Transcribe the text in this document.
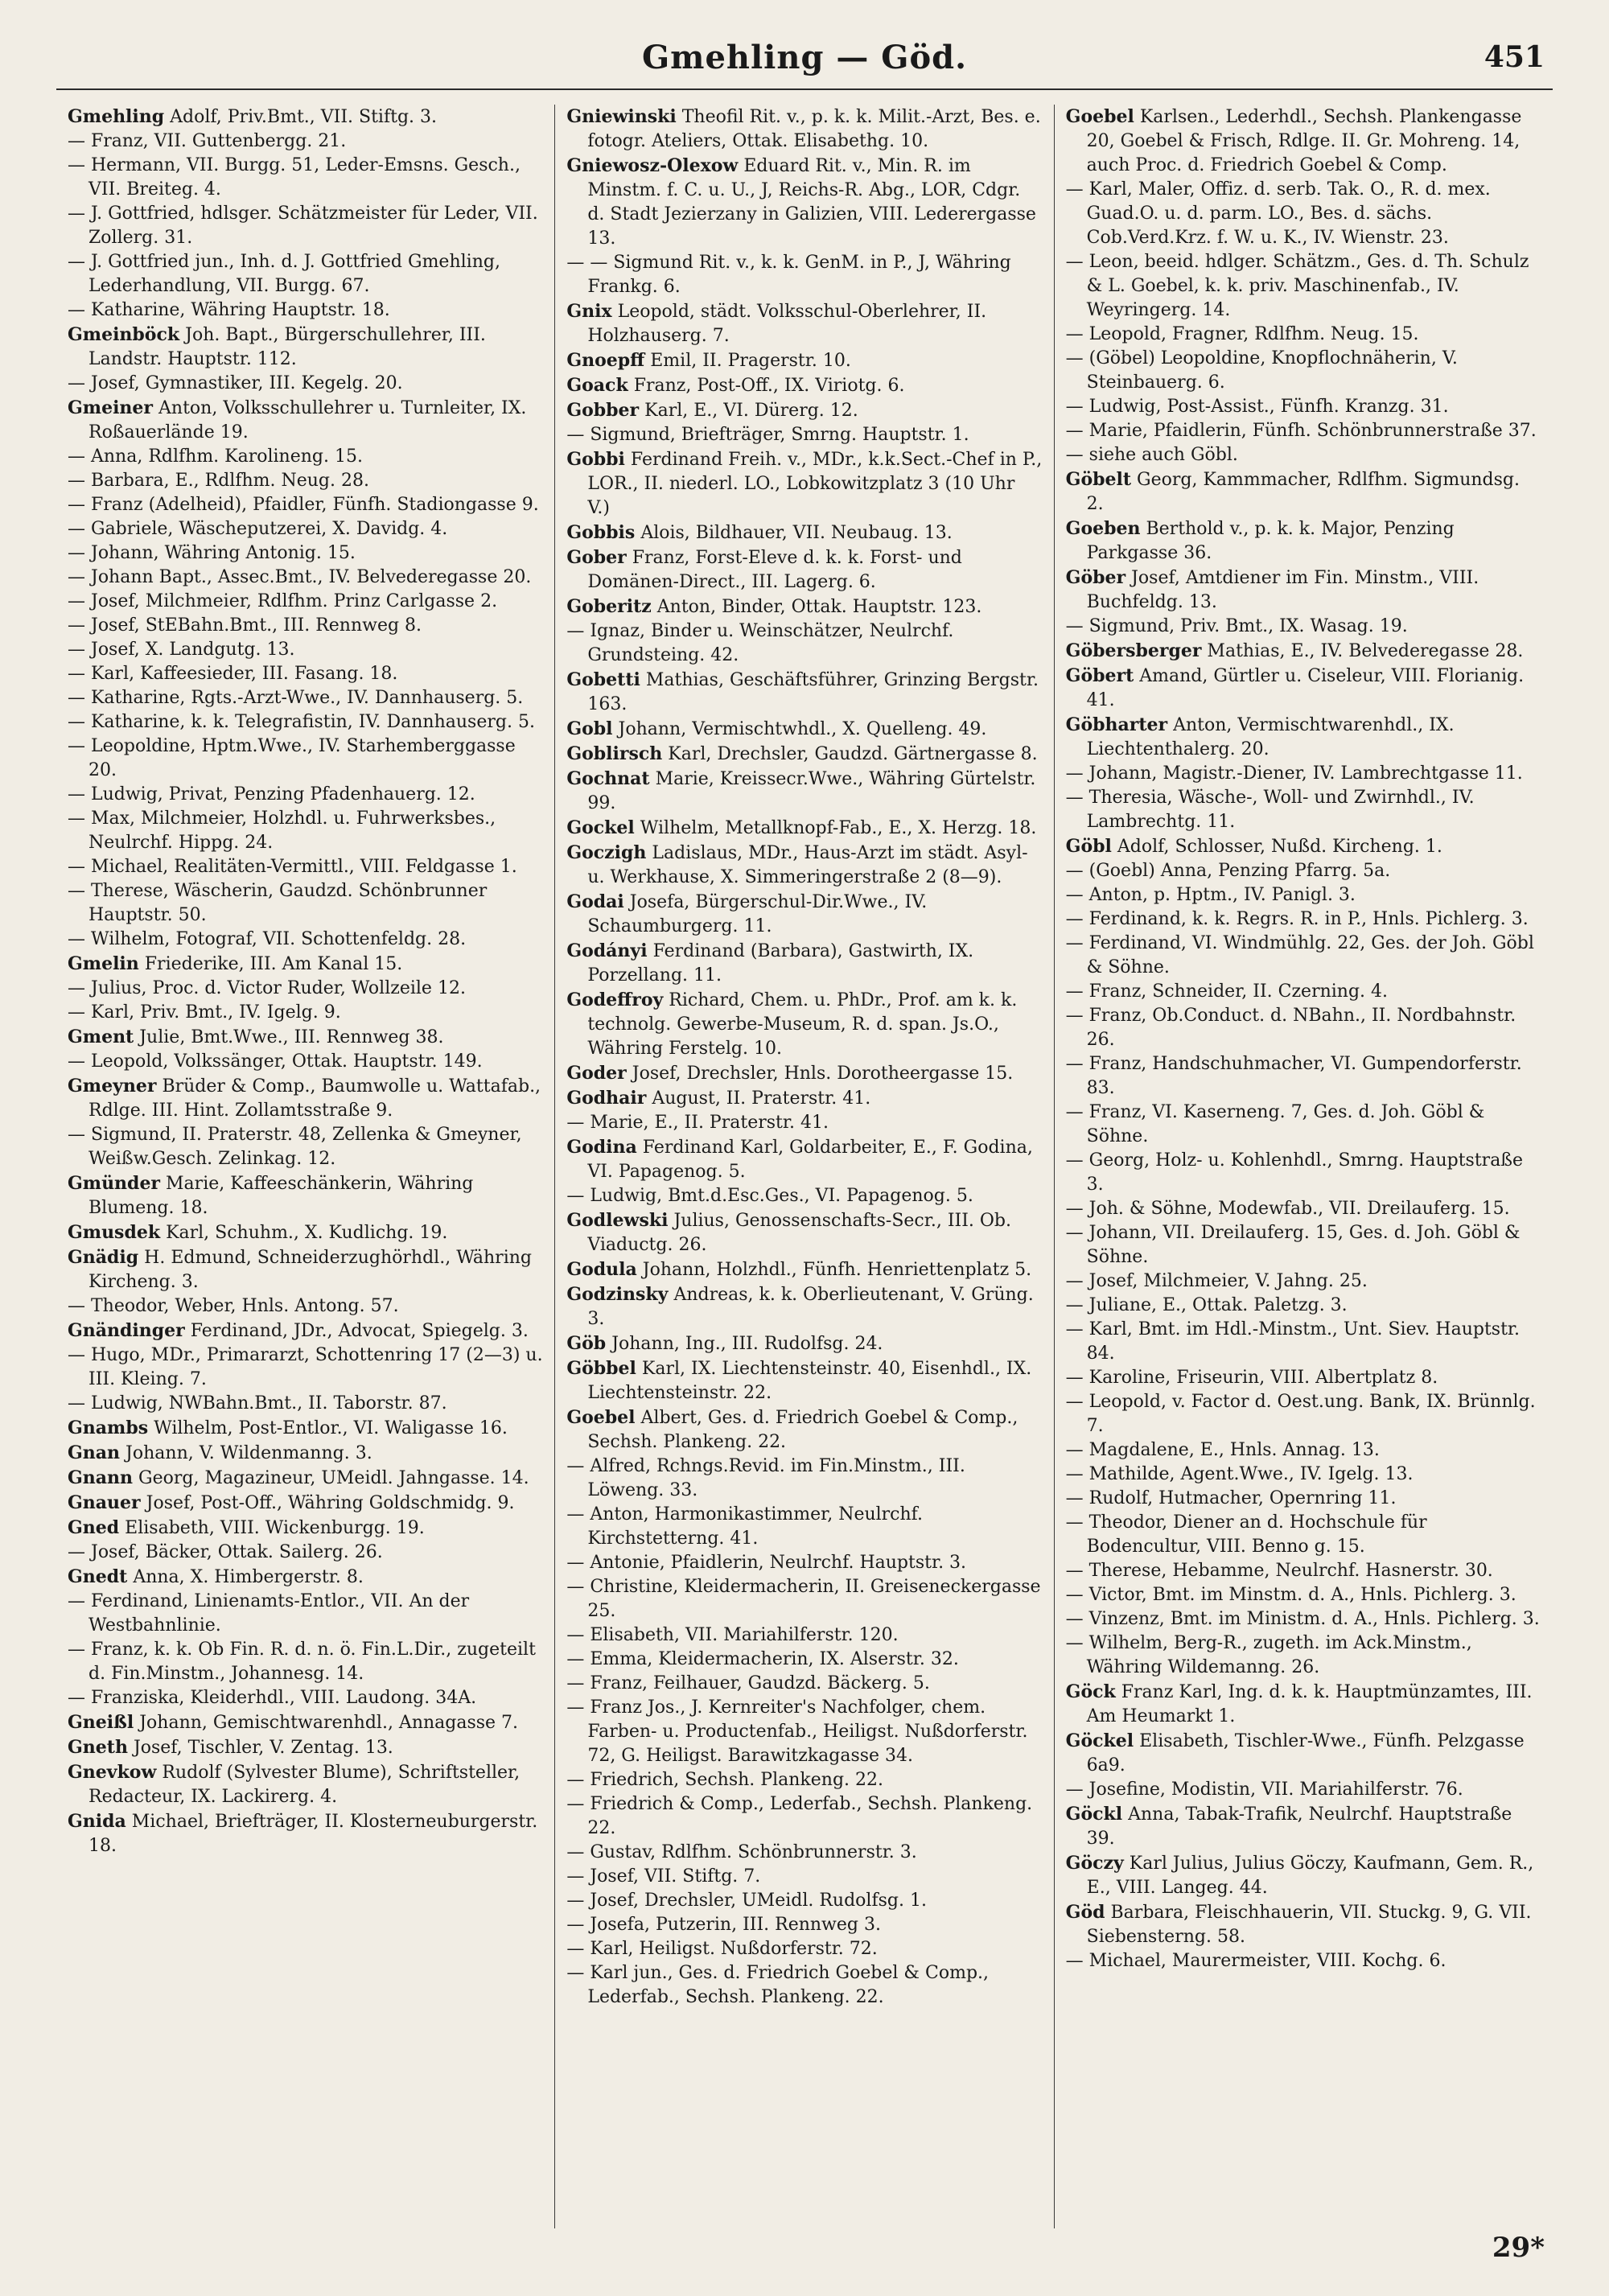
Gmehling — Göd.	451

Gmehling Adolf, Priv.Bmt., VII. Stiftg. 3.

— Franz, VII. Guttenbergg. 21.

— Hermann, VII. Burgg. 51, Leder-Emsns. Gesch., VII. Breiteg. 4.

— J. Gottfried, hdlsger. Schätzmeister für Leder, VII. Zollerg. 31.

— J. Gottfried jun., Inh. d. J. Gottfried Gmehling, Lederhandlung, VII. Burgg. 67.

— Katharine, Währing Hauptstr. 18.

Gmeinböck Joh. Bapt., Bürgerschullehrer, III. Landstr. Hauptstr. 112.

— Josef, Gymnastiker, III. Kegelg. 20.

Gmeiner Anton, Volksschullehrer u. Turnleiter, IX. Roßauerlände 19.

— Anna, Rdlfhm. Karolineng. 15.

— Barbara, E., Rdlfhm. Neug. 28.

— Franz (Adelheid), Pfaidler, Fünfh. Stadiongasse 9.

— Gabriele, Wäscheputzerei, X. Davidg. 4.

— Johann, Währing Antonig. 15.

— Johann Bapt., Assec.Bmt., IV. Belvederegasse 20.

— Josef, Milchmeier, Rdlfhm. Prinz Carlgasse 2.

— Josef, StEBahn.Bmt., III. Rennweg 8.

— Josef, X. Landgutg. 13.

— Karl, Kaffeesieder, III. Fasang. 18.

— Katharine, Rgts.-Arzt-Wwe., IV. Dannhauserg. 5.

— Katharine, k. k. Telegrafistin, IV. Dannhauserg. 5.

— Leopoldine, Hptm.Wwe., IV. Starhemberggasse 20.

— Ludwig, Privat, Penzing Pfadenhauerg. 12.

— Max, Milchmeier, Holzhdl. u. Fuhrwerksbes., Neulrchf. Hippg. 24.

— Michael, Realitäten-Vermittl., VIII. Feldgasse 1.

— Therese, Wäscherin, Gaudzd. Schönbrunner Hauptstr. 50.

— Wilhelm, Fotograf, VII. Schottenfeldg. 28.

Gmelin Friederike, III. Am Kanal 15.

— Julius, Proc. d. Victor Ruder, Wollzeile 12.

— Karl, Priv. Bmt., IV. Igelg. 9.

Gment Julie, Bmt.Wwe., III. Rennweg 38.

— Leopold, Volkssänger, Ottak. Hauptstr. 149.

Gmeyner Brüder & Comp., Baumwolle u. Wattafab., Rdlge. III. Hint. Zollamtsstraße 9.

— Sigmund, II. Praterstr. 48, Zellenka & Gmeyner, Weißw.Gesch. Zelinkag. 12.

Gmünder Marie, Kaffeeschänkerin, Währing Blumeng. 18.

Gmusdek Karl, Schuhm., X. Kudlichg. 19.

Gnädig H. Edmund, Schneiderzughörhdl., Währing Kircheng. 3.

— Theodor, Weber, Hnls. Antong. 57.

Gnändinger Ferdinand, JDr., Advocat, Spiegelg. 3.

— Hugo, MDr., Primararzt, Schottenring 17 (2—3) u. III. Kleing. 7.

— Ludwig, NWBahn.Bmt., II. Taborstr. 87.

Gnambs Wilhelm, Post-Entlor., VI. Waligasse 16.

Gnan Johann, V. Wildenmanng. 3.

Gnann Georg, Magazineur, UMeidl. Jahngasse. 14.

Gnauer Josef, Post-Off., Währing Goldschmidg. 9.

Gned Elisabeth, VIII. Wickenburgg. 19.

— Josef, Bäcker, Ottak. Sailerg. 26.

Gnedt Anna, X. Himbergerstr. 8.

— Ferdinand, Linienamts-Entlor., VII. An der Westbahnlinie.

— Franz, k. k. Ob Fin. R. d. n. ö. Fin.L.Dir., zugeteilt d. Fin.Minstm., Johannesg. 14.

— Franziska, Kleiderhdl., VIII. Laudong. 34A.

Gneißl Johann, Gemischtwarenhdl., Annagasse 7.

Gneth Josef, Tischler, V. Zentag. 13.

Gnevkow Rudolf (Sylvester Blume), Schriftsteller, Redacteur, IX. Lackirerg. 4.

Gnida Michael, Briefträger, II. Klosterneuburgerstr. 18.

Gniewinski Theofil Rit. v., p. k. k. Milit.-Arzt, Bes. e. fotogr. Ateliers, Ottak. Elisabethg. 10.

Gniewosz-Olexow Eduard Rit. v., Min. R. im Minstm. f. C. u. U., J, Reichs-R. Abg., LOR, Cdgr. d. Stadt Jezierzany in Galizien, VIII. Lederergasse 13.

— — Sigmund Rit. v., k. k. GenM. in P., J, Währing Frankg. 6.

Gnix Leopold, städt. Volksschul-Oberlehrer, II. Holzhauserg. 7.

Gnoepff Emil, II. Pragerstr. 10.

Goack Franz, Post-Off., IX. Viriotg. 6.

Gobber Karl, E., VI. Dürerg. 12.

— Sigmund, Briefträger, Smrng. Hauptstr. 1.

Gobbi Ferdinand Freih. v., MDr., k.k.Sect.-Chef in P., LOR., II. niederl. LO., Lobkowitzplatz 3 (10 Uhr V.)

Gobbis Alois, Bildhauer, VII. Neubaug. 13.

Gober Franz, Forst-Eleve d. k. k. Forst- und Domänen-Direct., III. Lagerg. 6.

Goberitz Anton, Binder, Ottak. Hauptstr. 123.

— Ignaz, Binder u. Weinschätzer, Neulrchf. Grundsteing. 42.

Gobetti Mathias, Geschäftsführer, Grinzing Bergstr. 163.

Gobl Johann, Vermischtwhdl., X. Quelleng. 49.

Goblirsch Karl, Drechsler, Gaudzd. Gärtnergasse 8.

Gochnat Marie, Kreissecr.Wwe., Währing Gürtelstr. 99.

Gockel Wilhelm, Metallknopf-Fab., E., X. Herzg. 18.

Goczigh Ladislaus, MDr., Haus-Arzt im städt. Asyl- u. Werkhause, X. Simmeringerstraße 2 (8—9).

Godai Josefa, Bürgerschul-Dir.Wwe., IV. Schaumburgerg. 11.

Godányi Ferdinand (Barbara), Gastwirth, IX. Porzellang. 11.

Godeffroy Richard, Chem. u. PhDr., Prof. am k. k. technolg. Gewerbe-Museum, R. d. span. Js.O., Währing Ferstelg. 10.

Goder Josef, Drechsler, Hnls. Dorotheergasse 15.

Godhair August, II. Praterstr. 41.

— Marie, E., II. Praterstr. 41.

Godina Ferdinand Karl, Goldarbeiter, E., F. Godina, VI. Papagenog. 5.

— Ludwig, Bmt.d.Esc.Ges., VI. Papagenog. 5.

Godlewski Julius, Genossenschafts-Secr., III. Ob. Viaductg. 26.

Godula Johann, Holzhdl., Fünfh. Henriettenplatz 5.

Godzinsky Andreas, k. k. Oberlieutenant, V. Grüng. 3.

Göb Johann, Ing., III. Rudolfsg. 24.

Göbbel Karl, IX. Liechtensteinstr. 40, Eisenhdl., IX. Liechtensteinstr. 22.

Goebel Albert, Ges. d. Friedrich Goebel & Comp., Sechsh. Plankeng. 22.

— Alfred, Rchngs.Revid. im Fin.Minstm., III. Löweng. 33.

— Anton, Harmonikastimmer, Neulrchf. Kirchstetterng. 41.

— Antonie, Pfaidlerin, Neulrchf. Hauptstr. 3.

— Christine, Kleidermacherin, II. Greiseneckergasse 25.

— Elisabeth, VII. Mariahilferstr. 120.

— Emma, Kleidermacherin, IX. Alserstr. 32.

— Franz, Feilhauer, Gaudzd. Bäckerg. 5.

— Franz Jos., J. Kernreiter's Nachfolger, chem. Farben- u. Productenfab., Heiligst. Nußdorferstr. 72, G. Heiligst. Barawitzkagasse 34.

— Friedrich, Sechsh. Plankeng. 22.

— Friedrich & Comp., Lederfab., Sechsh. Plankeng. 22.

— Gustav, Rdlfhm. Schönbrunnerstr. 3.

— Josef, VII. Stiftg. 7.

— Josef, Drechsler, UMeidl. Rudolfsg. 1.

— Josefa, Putzerin, III. Rennweg 3.

— Karl, Heiligst. Nußdorferstr. 72.

— Karl jun., Ges. d. Friedrich Goebel & Comp., Lederfab., Sechsh. Plankeng. 22.

Goebel Karlsen., Lederhdl., Sechsh. Plankengasse 20, Goebel & Frisch, Rdlge. II. Gr. Mohreng. 14, auch Proc. d. Friedrich Goebel & Comp.

— Karl, Maler, Offiz. d. serb. Tak. O., R. d. mex. Guad.O. u. d. parm. LO., Bes. d. sächs. Cob.Verd.Krz. f. W. u. K., IV. Wienstr. 23.

— Leon, beeid. hdlger. Schätzm., Ges. d. Th. Schulz & L. Goebel, k. k. priv. Maschinenfab., IV. Weyringerg. 14.

— Leopold, Fragner, Rdlfhm. Neug. 15.

— (Göbel) Leopoldine, Knopflochnäherin, V. Steinbauerg. 6.

— Ludwig, Post-Assist., Fünfh. Kranzg. 31.

— Marie, Pfaidlerin, Fünfh. Schönbrunnerstraße 37.

— siehe auch Göbl.

Göbelt Georg, Kammmacher, Rdlfhm. Sigmundsg. 2.

Goeben Berthold v., p. k. k. Major, Penzing Parkgasse 36.

Göber Josef, Amtdiener im Fin. Minstm., VIII. Buchfeldg. 13.

— Sigmund, Priv. Bmt., IX. Wasag. 19.

Göbersberger Mathias, E., IV. Belvederegasse 28.

Göbert Amand, Gürtler u. Ciseleur, VIII. Florianig. 41.

Göbharter Anton, Vermischtwarenhdl., IX. Liechtenthalerg. 20.

— Johann, Magistr.-Diener, IV. Lambrechtgasse 11.

— Theresia, Wäsche-, Woll- und Zwirnhdl., IV. Lambrechtg. 11.

Göbl Adolf, Schlosser, Nußd. Kircheng. 1.

— (Goebl) Anna, Penzing Pfarrg. 5a.

— Anton, p. Hptm., IV. Panigl. 3.

— Ferdinand, k. k. Regrs. R. in P., Hnls. Pichlerg. 3.

— Ferdinand, VI. Windmühlg. 22, Ges. der Joh. Göbl & Söhne.

— Franz, Schneider, II. Czerning. 4.

— Franz, Ob.Conduct. d. NBahn., II. Nordbahnstr. 26.

— Franz, Handschuhmacher, VI. Gumpendorferstr. 83.

— Franz, VI. Kaserneng. 7, Ges. d. Joh. Göbl & Söhne.

— Georg, Holz- u. Kohlenhdl., Smrng. Hauptstraße 3.

— Joh. & Söhne, Modewfab., VII. Dreilauferg. 15.

— Johann, VII. Dreilauferg. 15, Ges. d. Joh. Göbl & Söhne.

— Josef, Milchmeier, V. Jahng. 25.

— Juliane, E., Ottak. Paletzg. 3.

— Karl, Bmt. im Hdl.-Minstm., Unt. Siev. Hauptstr. 84.

— Karoline, Friseurin, VIII. Albertplatz 8.

— Leopold, v. Factor d. Oest.ung. Bank, IX. Brünnlg. 7.

— Magdalene, E., Hnls. Annag. 13.

— Mathilde, Agent.Wwe., IV. Igelg. 13.

— Rudolf, Hutmacher, Opernring 11.

— Theodor, Diener an d. Hochschule für Bodencultur, VIII. Benno g. 15.

— Therese, Hebamme, Neulrchf. Hasnerstr. 30.

— Victor, Bmt. im Minstm. d. A., Hnls. Pichlerg. 3.

— Vinzenz, Bmt. im Ministm. d. A., Hnls. Pichlerg. 3.

— Wilhelm, Berg-R., zugeth. im Ack.Minstm., Währing Wildemanng. 26.

Göck Franz Karl, Ing. d. k. k. Hauptmünzamtes, III. Am Heumarkt 1.

Göckel Elisabeth, Tischler-Wwe., Fünfh. Pelzgasse 6a9.

— Josefine, Modistin, VII. Mariahilferstr. 76.

Göckl Anna, Tabak-Trafik, Neulrchf. Hauptstraße 39.

Göczy Karl Julius, Julius Göczy, Kaufmann, Gem. R., E., VIII. Langeg. 44.

Göd Barbara, Fleischhauerin, VII. Stuckg. 9, G. VII. Siebensterng. 58.

— Michael, Maurermeister, VIII. Kochg. 6.

29*
